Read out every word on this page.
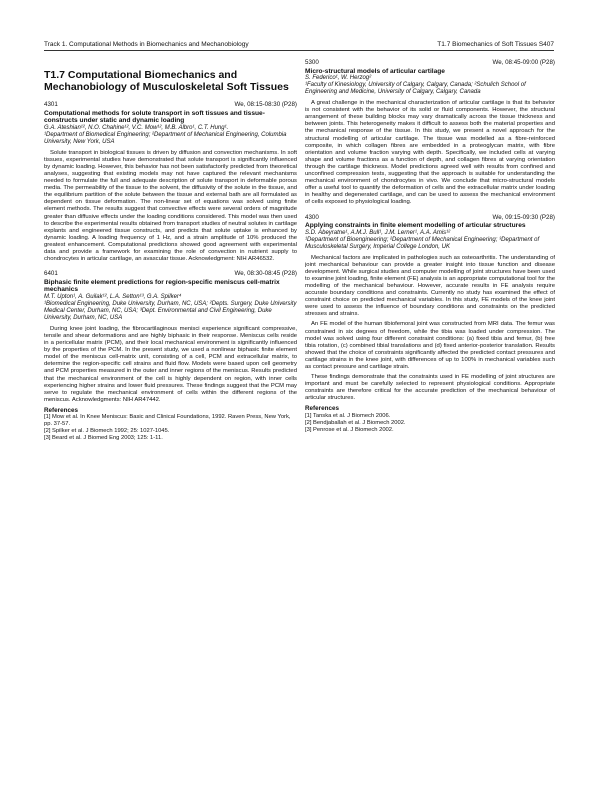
Track 1. Computational Methods in Biomechanics and Mechanobiology	T1.7 Biomechanics of Soft Tissues S407
T1.7 Computational Biomechanics and Mechanobiology of Musculoskeletal Soft Tissues
4301	We, 08:15-08:30 (P28)
Computational methods for solute transport in soft tissues and tissue-constructs under static and dynamic loading
G.A. Ateshian¹², N.O. Chahine¹², V.C. Mow¹², M.B. Albro¹, C.T. Hung¹.
¹Department of Biomedical Engineering; ²Department of Mechanical Engineering, Columbia University, New York, USA

Solute transport in biological tissues is driven by diffusion and convection mechanisms. In soft tissues, experimental studies have demonstrated that solute transport is significantly influenced by dynamic loading. However, this behavior has not been satisfactorily predicted from theoretical analyses, suggesting that existing models may not have captured the relevant mechanisms needed to formulate the full and adequate description of solute transport in deformable porous media. The permeability of the tissue to the solvent, the diffusivity of the solute in the tissue, and the equilibrium partition of the solute between the tissue and external bath are all formulated as dependent on tissue deformation. The non-linear set of equations was solved using finite element methods. The results suggest that convective effects were several orders of magnitude greater than diffusive effects under the loading conditions considered. This model was then used to describe the experimental results obtained from transport studies of neutral solutes in cartilage explants and engineered tissue constructs, and predicts that solute uptake is enhanced by dynamic loading. A loading frequency of 1 Hz, and a strain amplitude of 10% produced the greatest enhancement. Computational predictions showed good agreement with experimental data and provide a framework for examining the role of convection in nutrient supply to chondrocytes in articular cartilage, an avascular tissue. Acknowledgment: NIH AR46532.

6401	We, 08:30-08:45 (P28)
Biphasic finite element predictions for region-specific meniscus cell-matrix mechanics
M.T. Upton¹, A. Guilak¹², L.A. Setton¹³, G.A. Spilker⁴
¹Biomedical Engineering, Duke University, Durham, NC, USA; ²Depts. Surgery, Duke University Medical Center, Durham, NC, USA; ³Dept. Environmental and Civil Engineering, Duke University, Durham, NC, USA

During knee joint loading, the fibrocartilaginous menisci experience significant compressive, tensile and shear deformations and are highly biphasic in their response. Meniscus cells reside in a pericellular matrix (PCM), and their local mechanical environment is significantly influenced by the properties of the PCM. In the present study, we used a nonlinear biphasic finite element model of the meniscus cell-matrix unit, consisting of a cell, PCM and extracellular matrix, to determine the region-specific cell strains and fluid flow. Models were based upon cell geometry and PCM properties measured in the outer and inner regions of the meniscus. Results predicted that the mechanical environment of the cell is highly dependent on region, with inner cells experiencing higher strains and lower fluid pressures. These findings suggest that the PCM may serve to regulate the mechanical environment of cells within the different regions of the meniscus. Acknowledgments: NIH AR47442.

References
[1] Mow et al. In Knee Meniscus: Basic and Clinical Foundations, 1992. Raven Press, New York, pp. 37-57.
[2] Spilker et al. J Biomech 1992; 25: 1027-1045.
[3] Beard et al. J Biomed Eng 2003; 125: 1-11.
5300	We, 08:45-09:00 (P28)
Micro-structural models of articular cartilage
S. Federico¹, W. Herzog²
¹Faculty of Kinesiology, University of Calgary, Calgary, Canada; ²Schulich School of Engineering and Medicine, University of Calgary, Calgary, Canada

A great challenge in the mechanical characterization of articular cartilage is that its behavior is not consistent with the behavior of its solid or fluid components. However, the structural arrangement of these building blocks may vary dramatically across the tissue thickness and between joints. This heterogeneity makes it difficult to assess both the material properties and the mechanical response of the tissue. In this study, we present a novel approach for the structural modelling of articular cartilage. The tissue was modelled as a fibre-reinforced composite, in which collagen fibres are embedded in a proteoglycan matrix, with fibre orientation and volume fraction varying with depth. Specifically, we included cells at varying shape and volume fractions as a function of depth, and collagen fibres at varying orientation through the cartilage thickness. Model predictions agreed well with results from confined and unconfined compression tests, suggesting that the approach is suitable for understanding the mechanical environment of chondrocytes in vivo. We conclude that micro-structural models offer a useful tool to quantify the deformation of cells and the extracellular matrix under loading in healthy and degenerated cartilage, and can be used to assess the mechanical environment of cells exposed to physiological loading.

4300	We, 09:15-09:30 (P28)
Applying constraints in finite element modelling of articular structures
S.D. Abeyratne¹, A.M.J. Bull¹, J.M. Lerner¹, A.A. Amis¹²
¹Department of Bioengineering; ²Department of Mechanical Engineering; ³Department of Musculoskeletal Surgery, Imperial College London, UK

Mechanical factors are implicated in pathologies such as osteoarthritis. The understanding of joint mechanical behaviour can provide a greater insight into tissue function and disease development. While surgical studies and computer modelling of joint structures have been used to examine joint loading, finite element (FE) analysis is an appropriate computational tool for the modelling of the mechanical behaviour. However, accurate results in FE analysis require accurate boundary conditions and constraints. Currently no study has examined the effect of constraint choice on predicted mechanical variables. In this study, FE models of the knee joint were used to assess the influence of boundary conditions and constraints on the predicted stresses and strains.

An FE model of the human tibiofemoral joint was constructed from MRI data. The femur was constrained in six degrees of freedom, while the tibia was loaded under compression. The model was solved using four different constraint conditions: (a) fixed tibia and femur, (b) free tibia rotation, (c) combined tibial translations and (d) fixed anterior-posterior translation. Results showed that the choice of constraints significantly affected the predicted contact pressures and cartilage strains in the knee joint, with differences of up to 100% in mechanical variables such as contact pressure and cartilage strain.

These findings demonstrate that the constraints used in FE modelling of joint structures are important and must be carefully selected to represent physiological conditions. Appropriate constraints are therefore critical for the accurate prediction of the mechanical behaviour of articular structures.

References
[1] Tanska et al. J Biomech 2006.
[2] Bendjaballah et al. J Biomech 2002.
[3] Penrose et al. J Biomech 2002.
